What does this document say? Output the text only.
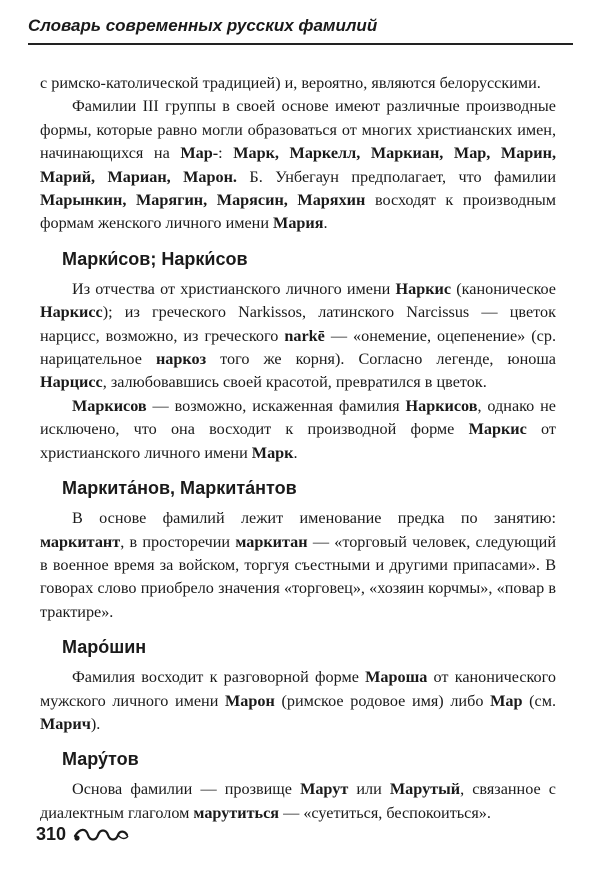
Словарь современных русских фамилий

с римско-католической традицией) и, вероятно, являются белорусскими.

Фамилии III группы в своей основе имеют различные производные формы, которые равно могли образоваться от многих христианских имен, начинающихся на Мар-: Марк, Маркелл, Маркиан, Мар, Марин, Марий, Мариан, Марон. Б. Унбегаун предполагает, что фамилии Марынкин, Марягин, Марясин, Маряхин восходят к производным формам женского личного имени Мария.

Марки́сов; Нарки́сов

Из отчества от христианского личного имени Наркис (каноническое Наркисс); из греческого Narkissos, латинского Narcissus — цветок нарцисс, возможно, из греческого narkē — «онемение, оцепенение» (ср. нарицательное наркоз того же корня). Согласно легенде, юноша Нарцисс, залюбовавшись своей красотой, превратился в цветок.

Маркисов — возможно, искаженная фамилия Наркисов, однако не исключено, что она восходит к производной форме Маркис от христианского личного имени Марк.

Маркита́нов, Маркита́нтов

В основе фамилий лежит именование предка по занятию: маркитант, в просторечии маркитан — «торговый человек, следующий в военное время за войском, торгуя съестными и другими припасами». В говорах слово приобрело значения «торговец», «хозяин корчмы», «повар в трактире».

Маро́шин

Фамилия восходит к разговорной форме Мароша от канонического мужского личного имени Марон (римское родовое имя) либо Мар (см. Марич).

Мару́тов

Основа фамилии — прозвище Марут или Марутый, связанное с диалектным глаголом марутиться — «суетиться, беспокоиться».

310
